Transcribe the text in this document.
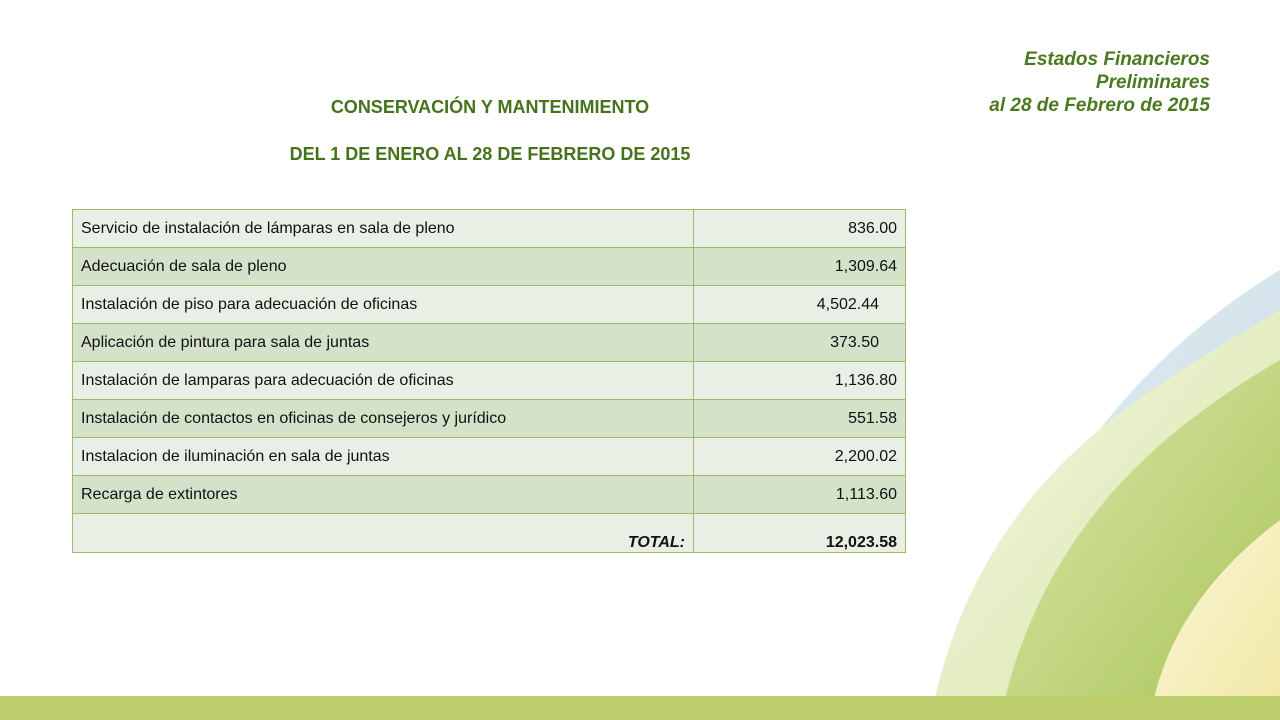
Estados Financieros
Preliminares
al 28 de Febrero de 2015
CONSERVACIÓN Y MANTENIMIENTO
DEL 1 DE ENERO AL 28 DE FEBRERO DE 2015
Servicio de instalación de lámparas en sala de pleno	836.00
Adecuación de sala de pleno	1,309.64
Instalación de piso para adecuación de oficinas	4,502.44
Aplicación de pintura para sala de juntas	373.50
Instalación de lamparas para adecuación de oficinas	1,136.80
Instalación de contactos en oficinas de consejeros y jurídico	551.58
Instalacion de iluminación en sala de juntas	2,200.02
Recarga de extintores	1,113.60
TOTAL:	12,023.58
